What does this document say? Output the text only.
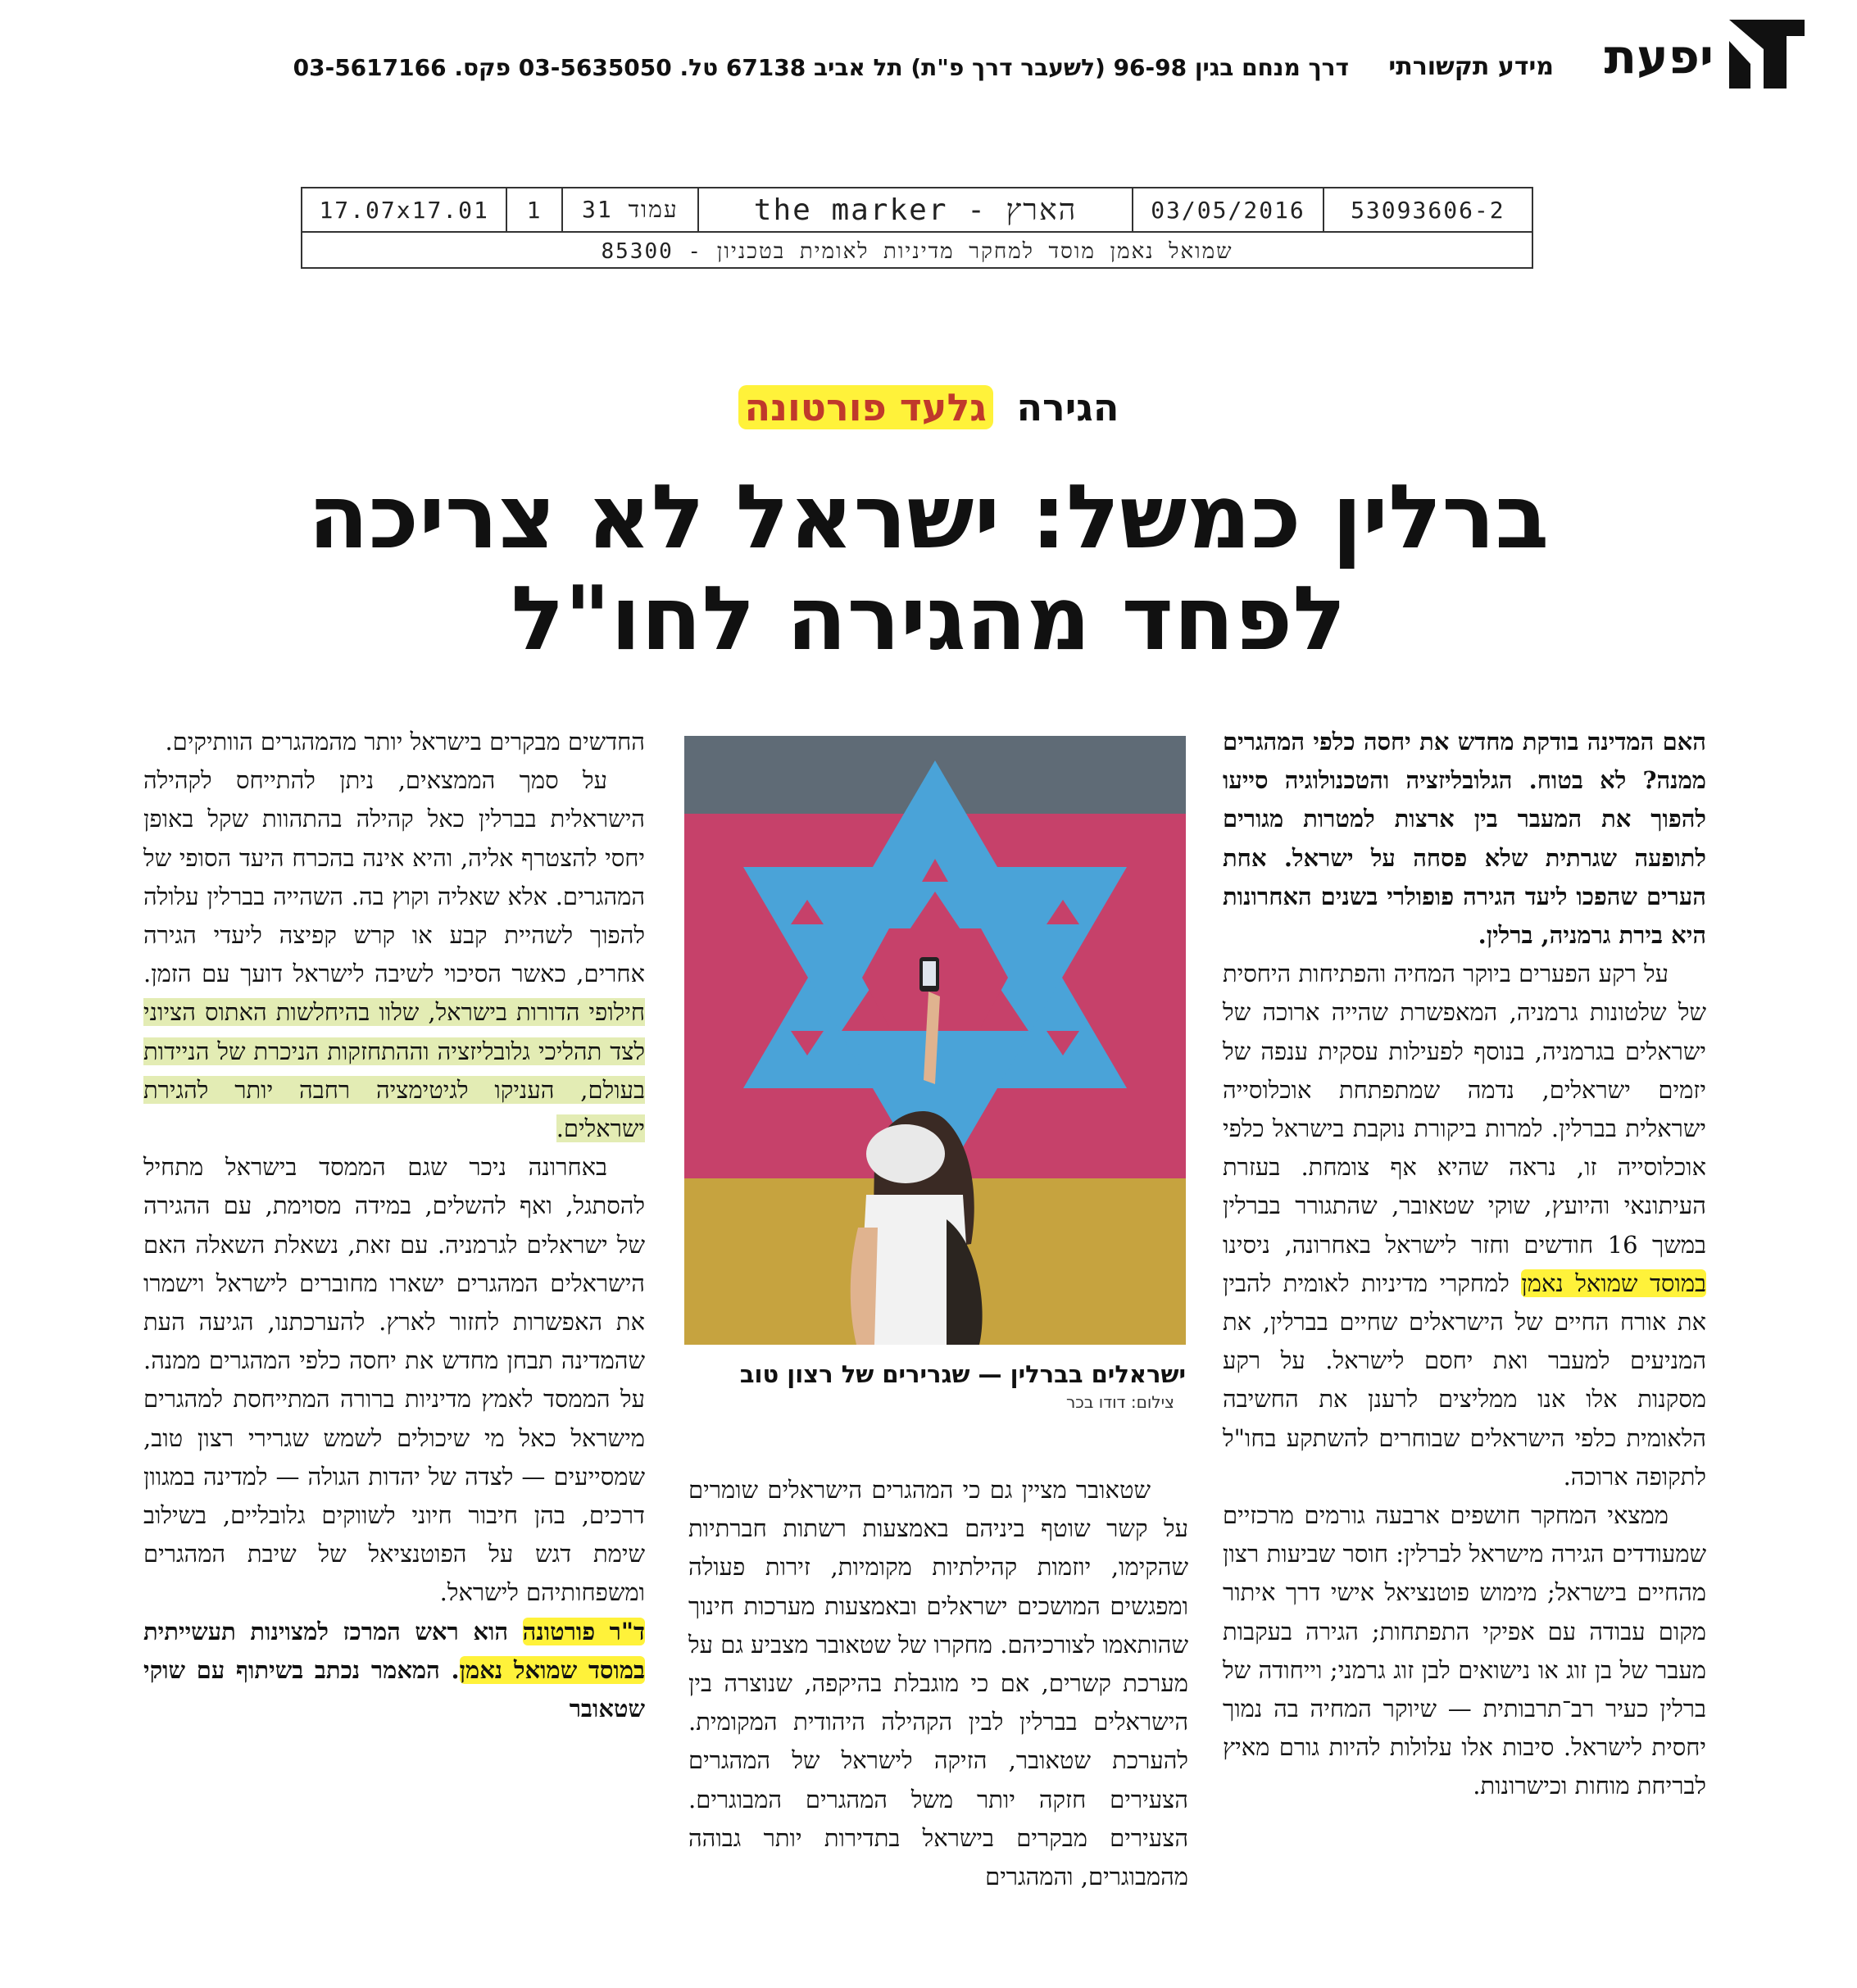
יפעת
מידע תקשורתי
דרך מנחם בגין 96-98 (לשעבר דרך פ"ת) תל אביב 67138 טל. 03-5635050 פקס. 03-5617166
17.07x17.01	1	עמוד 31	הארץ - the marker	03/05/2016	53093606-2
שמואל נאמן מוסד למחקר מדיניות לאומית בטכניון - 85300
הגירה גלעד פורטונה
ברלין כמשל: ישראל לא צריכה
לפחד מהגירה לחו"ל

האם המדינה בודקת מחדש את יחסה כלפי המהגרים ממנה? לא בטוח. הגלובליזציה והטכנולוגיה סייעו להפוך את המעבר בין ארצות למטרות מגורים לתופעה שגרתית שלא פסחה על ישראל. אחת הערים שהפכו ליעד הגירה פופולרי בשנים האחרונות היא בירת גרמניה, ברלין.

על רקע הפערים ביוקר המחיה והפתיחות היחסית של שלטונות גרמניה, המאפשרת שהייה ארוכה של ישראלים בגרמניה, בנוסף לפעילות עסקית ענפה של יזמים ישראלים, נדמה שמתפתחת אוכלוסייה ישראלית בברלין. למרות ביקורת נוקבת בישראל כלפי אוכלוסייה זו, נראה שהיא אף צומחת. בעזרת העיתונאי והיועץ, שוקי שטאובר, שהתגורר בברלין במשך 16 חודשים וחזר לישראל באחרונה, ניסינו במוסד שמואל נאמן למחקרי מדיניות לאומית להבין את אורח החיים של הישראלים שחיים בברלין, את המניעים למעבר ואת יחסם לישראל. על רקע מסקנות אלו אנו ממליצים לרענן את החשיבה הלאומית כלפי הישראלים שבוחרים להשתקע בחו"ל לתקופה ארוכה.

ממצאי המחקר חושפים ארבעה גורמים מרכזיים שמעודדים הגירה מישראל לברלין: חוסר שביעות רצון מהחיים בישראל; מימוש פוטנציאל אישי דרך איתור מקום עבודה עם אפיקי התפתחות; הגירה בעקבות מעבר של בן זוג או נישואים לבן זוג גרמני; וייחודה של ברלין כעיר רב־תרבותית — שיוקר המחיה בה נמוך יחסית לישראל. סיבות אלו עלולות להיות גורם מאיץ לבריחת מוחות וכישרונות.

ישראלים בברלין — שגרירים של רצון טוב צילום: דודו בכר

שטאובר מציין גם כי המהגרים הישראלים שומרים על קשר שוטף ביניהם באמצעות רשתות חברתיות שהקימו, יוזמות קהילתיות מקומיות, זירות פעולה ומפגשים המושכים ישראלים ובאמצעות מערכות חינוך שהותאמו לצורכיהם. מחקרו של שטאובר מצביע גם על מערכת קשרים, אם כי מוגבלת בהיקפה, שנוצרה בין הישראלים בברלין לבין הקהילה היהודית המקומית. להערכת שטאובר, הזיקה לישראל של המהגרים הצעירים חזקה יותר משל המהגרים המבוגרים. הצעירים מבקרים בישראל בתדירות יותר גבוהה מהמבוגרים, והמהגרים

החדשים מבקרים בישראל יותר מהמהגרים הוותיקים.

על סמך הממצאים, ניתן להתייחס לקהילה הישראלית בברלין כאל קהילה בהתהוות שקל באופן יחסי להצטרף אליה, והיא אינה בהכרח היעד הסופי של המהגרים. אלא שאליה וקוץ בה. השהייה בברלין עלולה להפוך לשהיית קבע או קרש קפיצה ליעדי הגירה אחרים, כאשר הסיכוי לשיבה לישראל דועך עם הזמן. חילופי הדורות בישראל, שלוו בהיחלשות האתוס הציוני לצד תהליכי גלובליזציה וההתחזקות הניכרת של הניידות בעולם, העניקו לגיטימציה רחבה יותר להגירת ישראלים.

באחרונה ניכר שגם הממסד בישראל מתחיל להסתגל, ואף להשלים, במידה מסוימת, עם ההגירה של ישראלים לגרמניה. עם זאת, נשאלת השאלה האם הישראלים המהגרים ישארו מחוברים לישראל וישמרו את האפשרות לחזור לארץ. להערכתנו, הגיעה העת שהמדינה תבחן מחדש את יחסה כלפי המהגרים ממנה. על הממסד לאמץ מדיניות ברורה המתייחסת למהגרים מישראל כאל מי שיכולים לשמש שגרירי רצון טוב, שמסייעים — לצדה של יהדות הגולה — למדינה במגוון דרכים, בהן חיבור חיוני לשווקים גלובליים, בשילוב שימת דגש על הפוטנציאל של שיבת המהגרים ומשפחותיהם לישראל.

ד"ר פורטונה הוא ראש המרכז למצוינות תעשייתית במוסד שמואל נאמן. המאמר נכתב בשיתוף עם שוקי שטאובר
